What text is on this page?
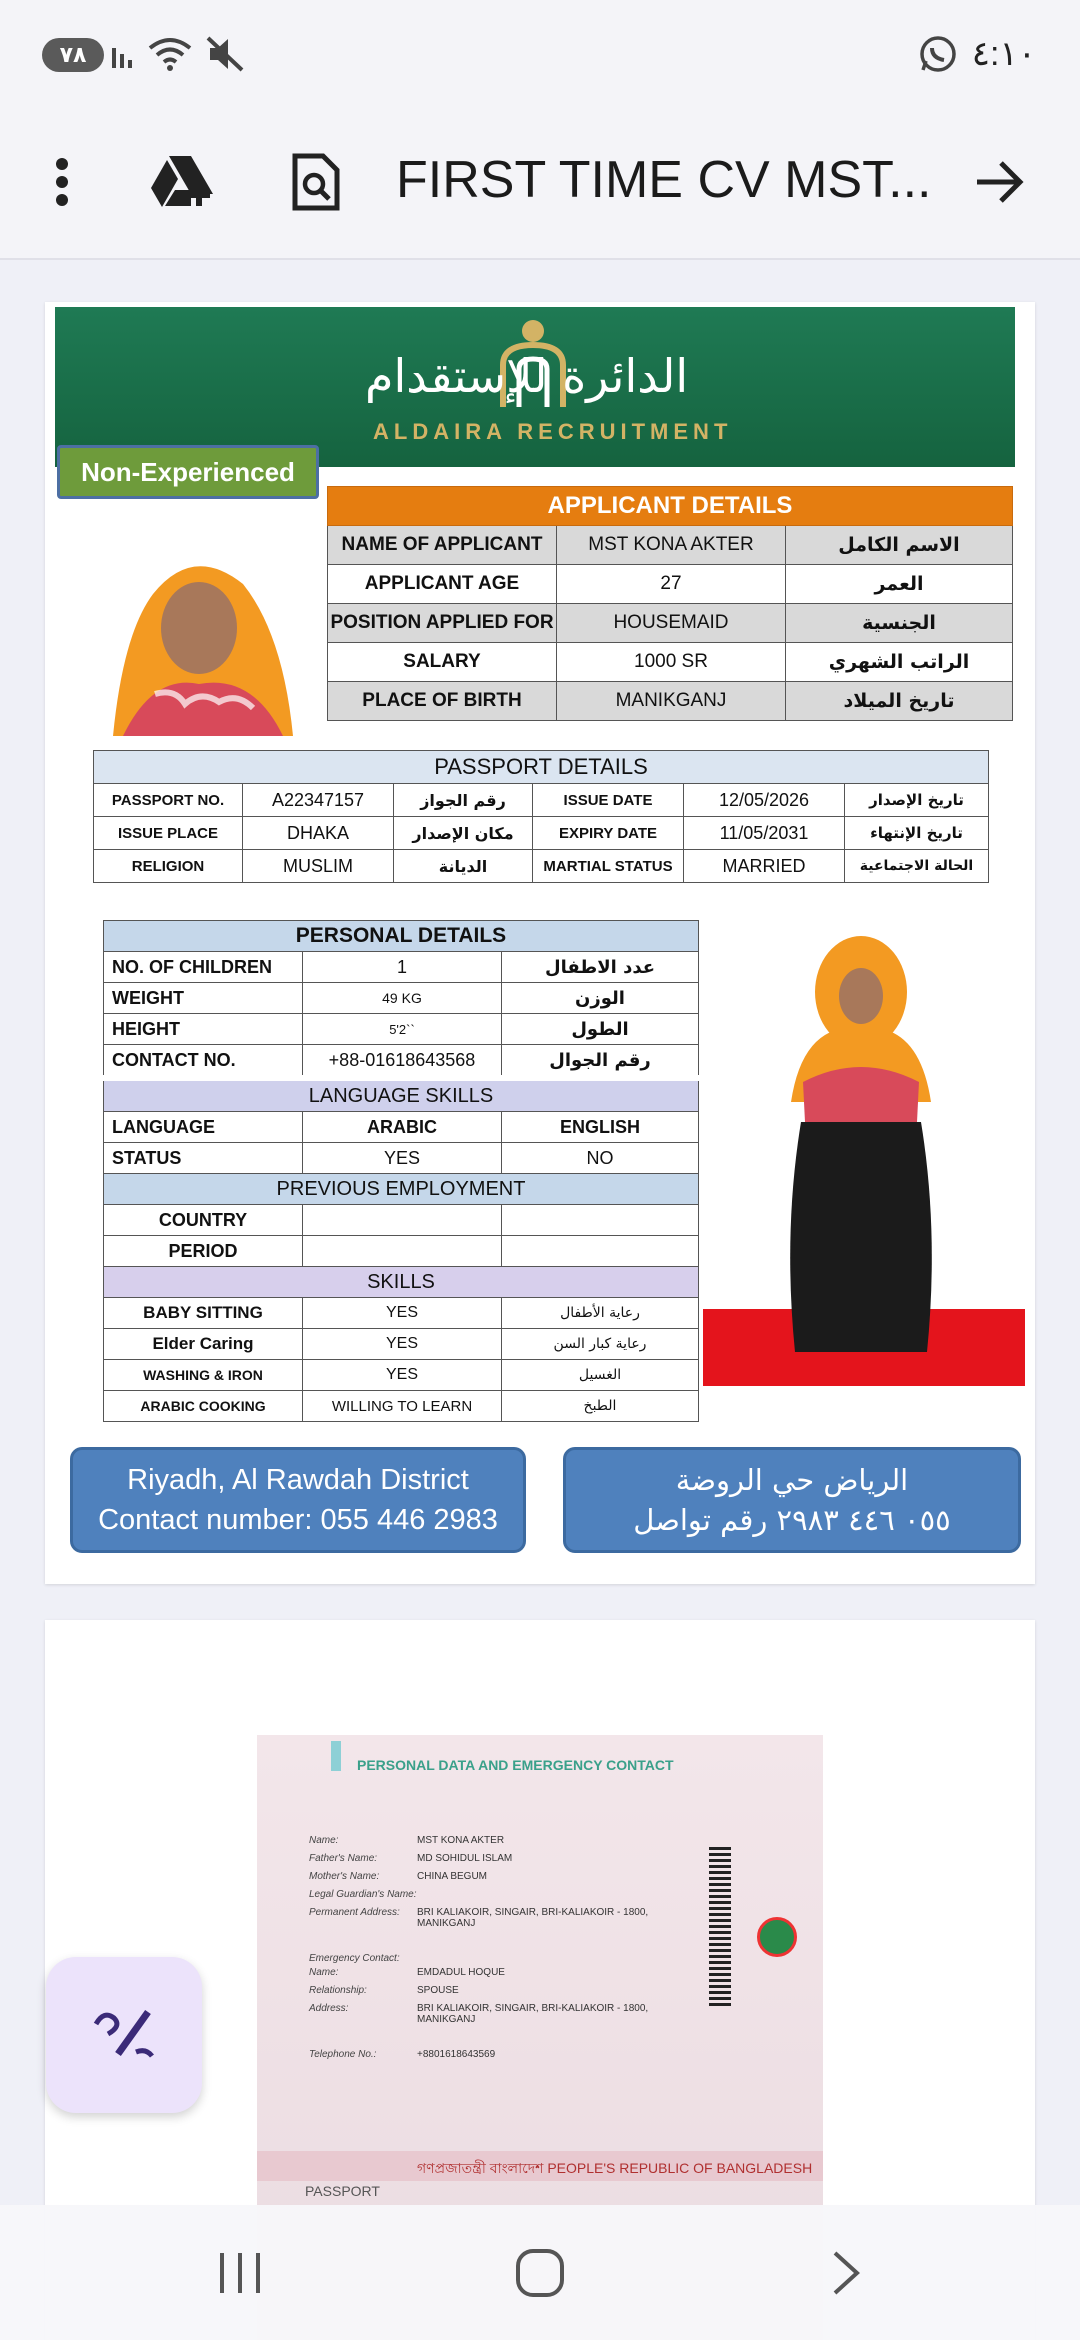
٧٨	٤:١٠
FIRST TIME CV MST...
الدائرة للإستقدام
ALDAIRA RECRUITMENT
Non-Experienced
APPLICANT DETAILS		
NAME OF APPLICANT	MST KONA AKTER	الاسم الكامل
APPLICANT AGE	27	العمر
POSITION APPLIED FOR	HOUSEMAID	الجنسية
SALARY	1000 SR	الراتب الشهري
PLACE OF BIRTH	MANIKGANJ	تاريخ الميلاد
PASSPORT DETAILS					
PASSPORT NO.	A22347157	رقم الجواز	ISSUE DATE	12/05/2026	تاريخ الإصدار
ISSUE PLACE	DHAKA	مكان الإصدار	EXPIRY DATE	11/05/2031	تاريخ الإنتهاء
RELIGION	MUSLIM	الديانة	MARTIAL STATUS	MARRIED	الحالة الاجتماعية
PERSONAL DETAILS		
NO. OF CHILDREN	1	عدد الاطفال
WEIGHT	49 KG	الوزن
HEIGHT	5'2``	الطول
CONTACT NO.	+88-01618643568	رقم الجوال
LANGUAGE SKILLS		
LANGUAGE	ARABIC	ENGLISH
STATUS	YES	NO
PREVIOUS EMPLOYMENT		
COUNTRY		
PERIOD		
SKILLS		
BABY SITTING	YES	رعاية الأطفال
Elder Caring	YES	رعاية كبار السن
WASHING & IRON	YES	الغسيل
ARABIC COOKING	WILLING TO LEARN	الطبخ
Riyadh, Al Rawdah District
Contact number: 055 446 2983
الرياض حي الروضة
٠٥٥ ٤٤٦ ٢٩٨٣ رقم تواصل
PERSONAL DATA AND EMERGENCY CONTACT
Name:	MST KONA AKTER
Father's Name:	MD SOHIDUL ISLAM
Mother's Name:	CHINA BEGUM
Legal Guardian's Name:
Permanent Address: BRI KALIAKOIR, SINGAIR, BRI-KALIAKOIR - 1800, MANIKGANJ
Emergency Contact:
Name:	EMDADUL HOQUE
Relationship:	SPOUSE
Address:	BRI KALIAKOIR, SINGAIR, BRI-KALIAKOIR - 1800, MANIKGANJ
Telephone No.:	+8801618643569
গণপ্রজাতন্ত্রী বাংলাদেশ PEOPLE'S REPUBLIC OF BANGLADESH
PASSPORT
